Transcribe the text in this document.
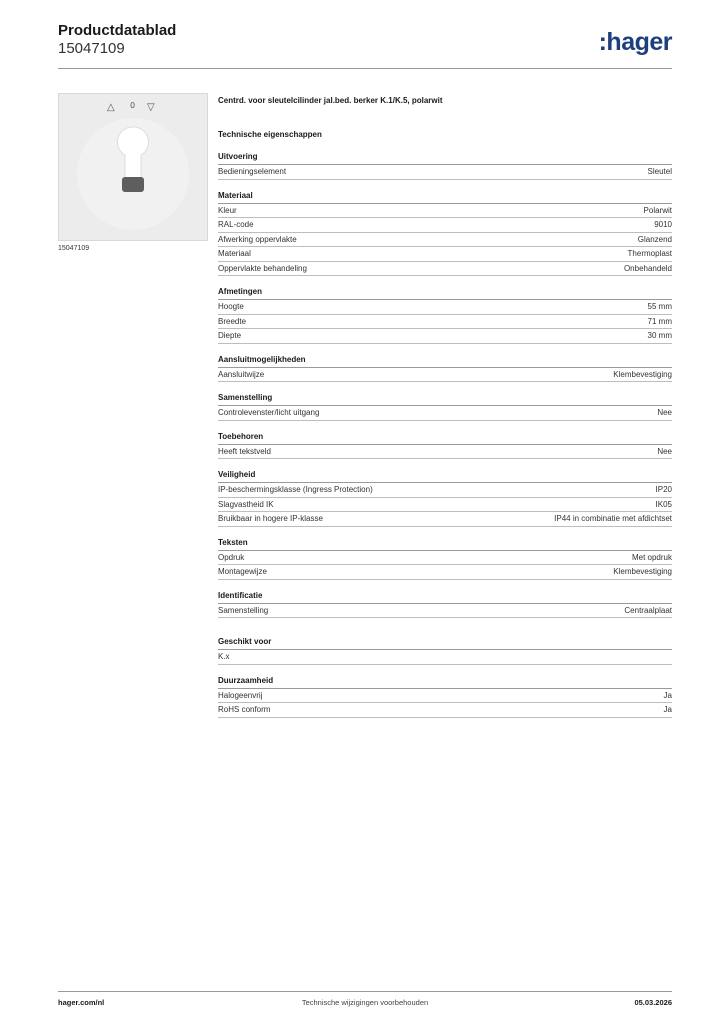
Productdatablad
15047109	:hager
△ 0 ▽
15047109
Centrd. voor sleutelcilinder jal.bed. berker K.1/K.5, polarwit
Technische eigenschappen
Uitvoering
Bedieningselement	Sleutel
Materiaal
Kleur	Polarwit
RAL-code	9010
Afwerking oppervlakte	Glanzend
Materiaal	Thermoplast
Oppervlakte behandeling	Onbehandeld
Afmetingen
Hoogte	55 mm
Breedte	71 mm
Diepte	30 mm
Aansluitmogelijkheden
Aansluitwijze	Klembevestiging
Samenstelling
Controlevenster/licht uitgang	Nee
Toebehoren
Heeft tekstveld	Nee
Veiligheid
IP-beschermingsklasse (Ingress Protection)	IP20
Slagvastheid IK	IK05
Bruikbaar in hogere IP-klasse	IP44 in combinatie met afdichtset
Teksten
Opdruk	Met opdruk
Montagewijze	Klembevestiging
Identificatie
Samenstelling	Centraalplaat
Geschikt voor
K.x
Duurzaamheid
Halogeenvrij	Ja
RoHS conform	Ja
hager.com/nl	Technische wijzigingen voorbehouden	05.03.2026
